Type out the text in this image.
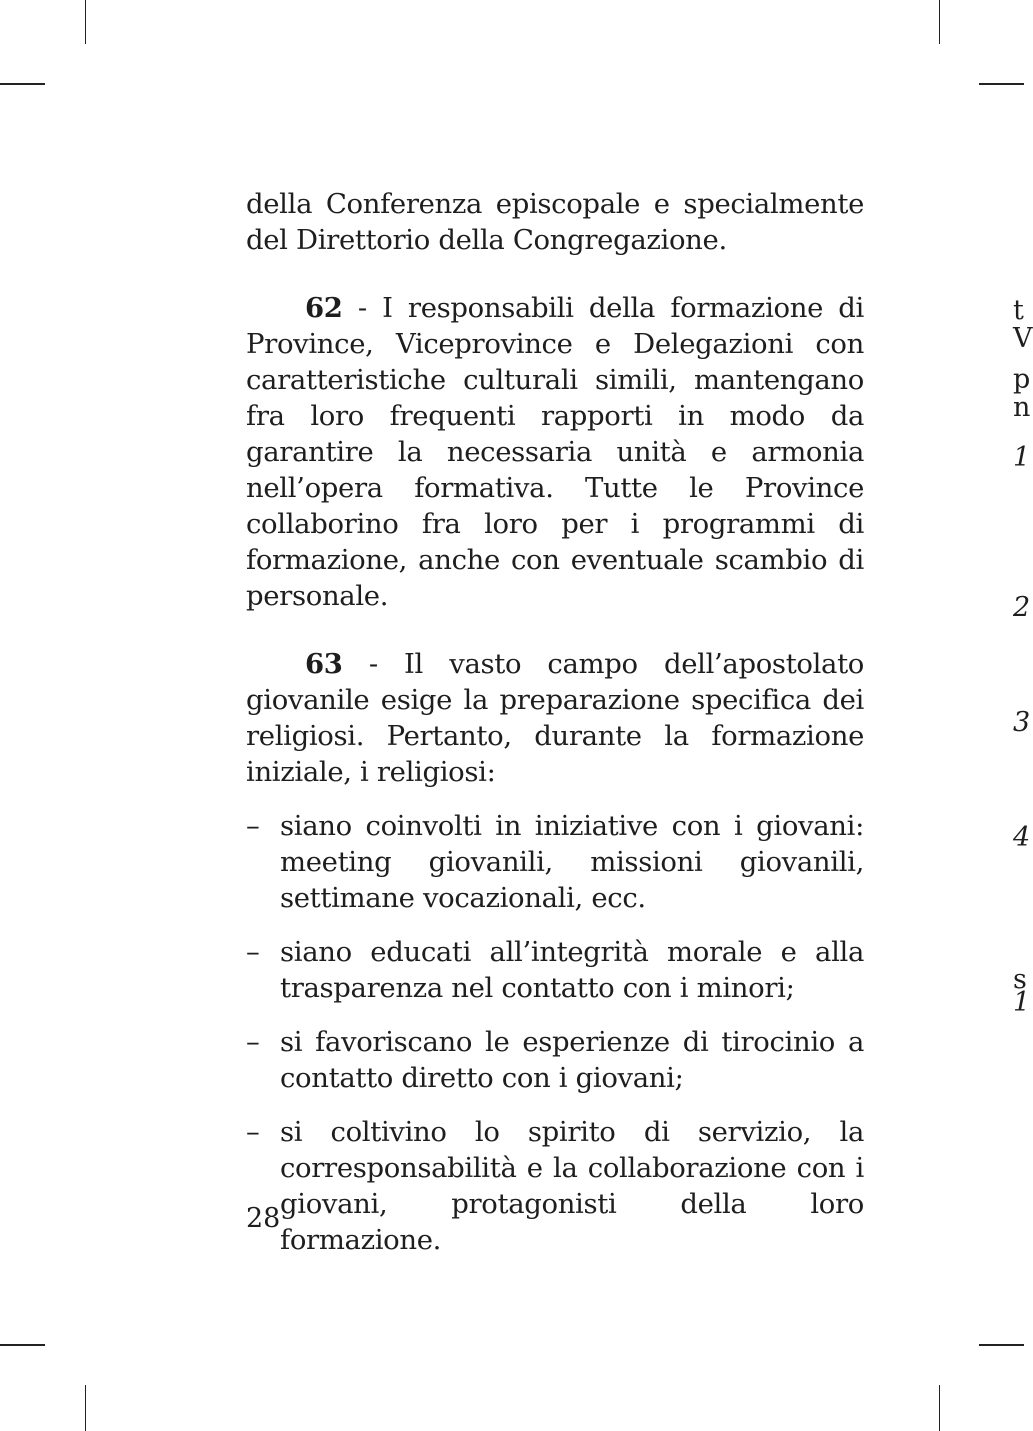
della Conferenza episcopale e specialmente del Direttorio della Congregazione.

62 - I responsabili della formazione di Province, Viceprovince e Delegazioni con caratteristiche culturali simili, mantengano fra loro frequenti rapporti in modo da garantire la necessaria unità e armonia nell’opera formativa. Tutte le Province collaborino fra loro per i programmi di formazione, anche con eventuale scambio di personale.

63 - Il vasto campo dell’apostolato giovanile esige la preparazione specifica dei religiosi. Pertanto, durante la formazione iniziale, i religiosi:

– siano coinvolti in iniziative con i giovani: meeting giovanili, missioni giovanili, settimane vocazionali, ecc.
– siano educati all’integrità morale e alla trasparenza nel contatto con i minori;
– si favoriscano le esperienze di tirocinio a contatto diretto con i giovani;
– si coltivino lo spirito di servizio, la corresponsabilità e la collaborazione con i giovani, protagonisti della loro formazione.
28
t
V
p
n
1
2
3
4
s
1
